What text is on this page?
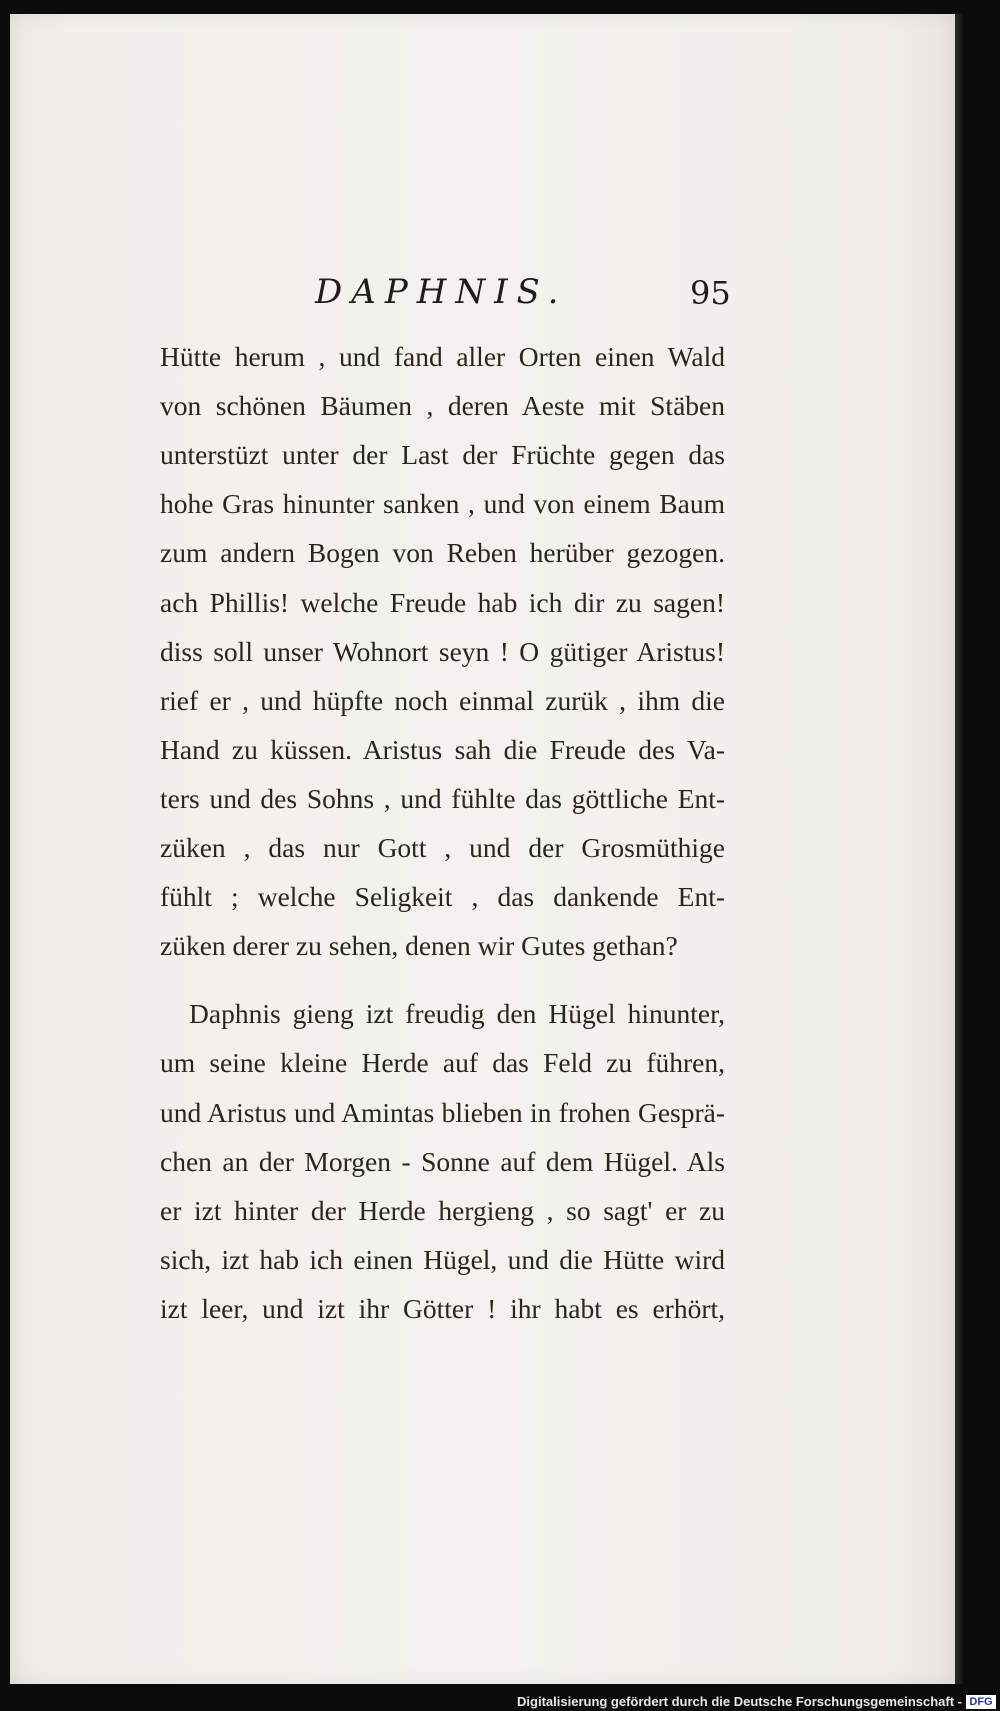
DAPHNIS.	95
Hütte herum , und fand aller Orten einen Wald
von schönen Bäumen , deren Aeste mit Stäben
unterstüzt unter der Last der Früchte gegen das
hohe Gras hinunter sanken , und von einem Baum
zum andern Bogen von Reben herüber gezogen.
ach Phillis! welche Freude hab ich dir zu sagen!
diss soll unser Wohnort seyn ! O gütiger Aristus!
rief er , und hüpfte noch einmal zurük , ihm die
Hand zu küssen. Aristus sah die Freude des Va-
ters und des Sohns , und fühlte das göttliche Ent-
züken , das nur Gott , und der Grosmüthige
fühlt ; welche Seligkeit , das dankende Ent-
züken derer zu sehen, denen wir Gutes gethan?
Daphnis gieng izt freudig den Hügel hinunter,
um seine kleine Herde auf das Feld zu führen,
und Aristus und Amintas blieben in frohen Gesprä-
chen an der Morgen - Sonne auf dem Hügel. Als
er izt hinter der Herde hergieng , so sagt' er zu
sich, izt hab ich einen Hügel, und die Hütte wird
izt leer, und izt ihr Götter ! ihr habt es erhört,
Digitalisierung gefördert durch die Deutsche Forschungsgemeinschaft - DFG
